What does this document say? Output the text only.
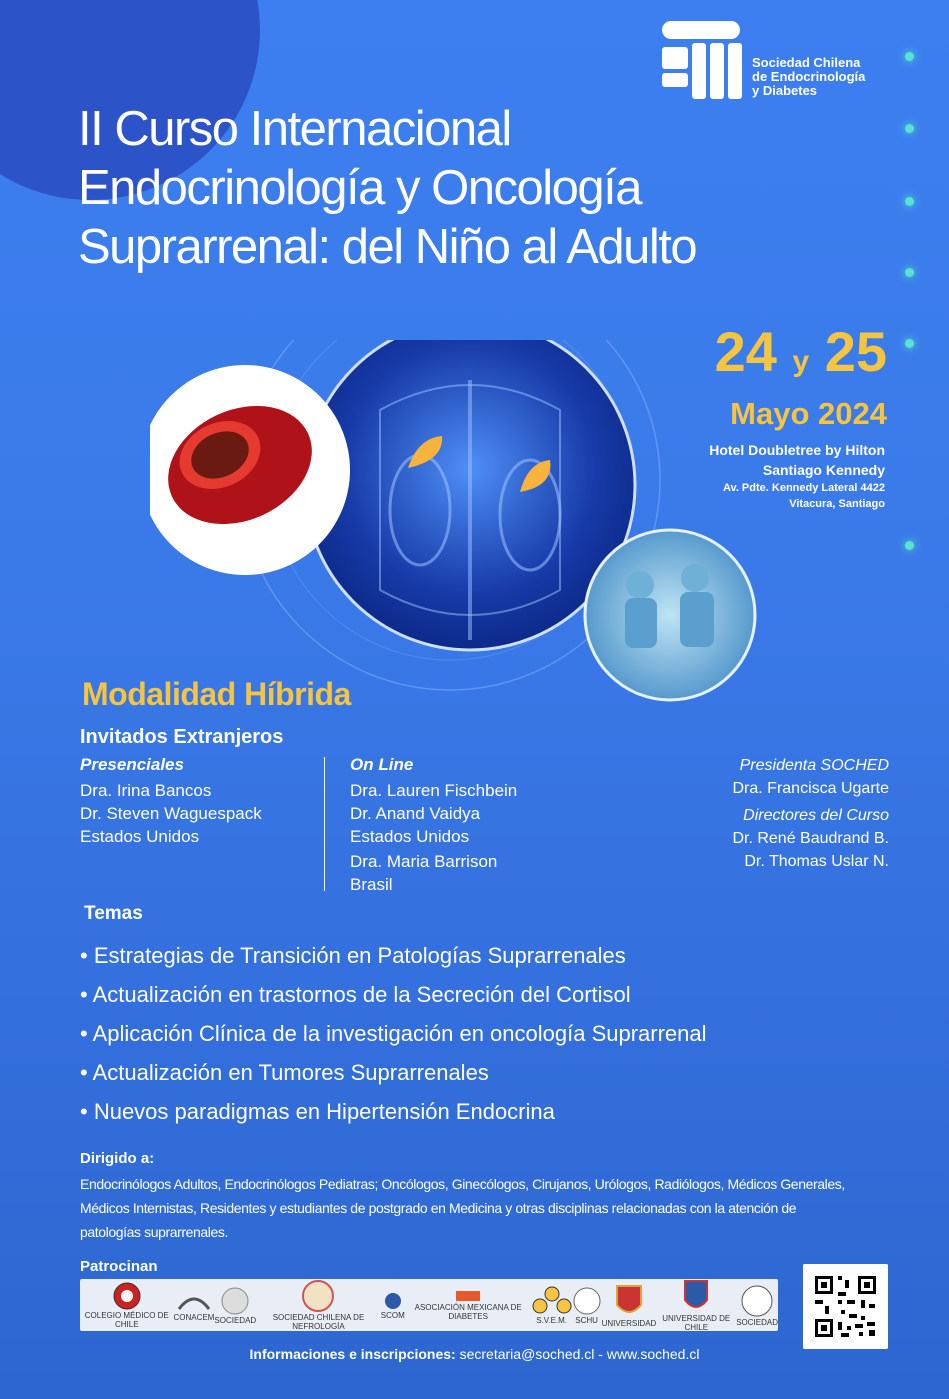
Sociedad Chilena
de Endocrinología
y Diabetes
II Curso Internacional
Endocrinología y Oncología
Suprarrenal: del Niño al Adulto
24 y 25
Mayo 2024
Hotel Doubletree by Hilton
Santiago Kennedy
Av. Pdte. Kennedy Lateral 4422
Vitacura, Santiago
Modalidad Híbrida
Invitados Extranjeros
Presenciales
Dra. Irina Bancos
Dr. Steven Waguespack
Estados Unidos
On Line
Dra. Lauren Fischbein
Dr. Anand Vaidya
Estados Unidos
Dra. Maria Barrison
Brasil
Presidenta SOCHED
Dra. Francisca Ugarte
Directores del Curso
Dr. René Baudrand B.
Dr. Thomas Uslar N.
Temas
• Estrategias de Transición en Patologías Suprarrenales
• Actualización en trastornos de la Secreción del Cortisol
• Aplicación Clínica de la investigación en oncología Suprarrenal
• Actualización en Tumores Suprarrenales
• Nuevos paradigmas en Hipertensión Endocrina
Dirigido a:
Endocrinólogos Adultos, Endocrinólogos Pediatras; Oncólogos, Ginecólogos, Cirujanos, Urólogos, Radiólogos, Médicos Generales, Médicos Internistas, Residentes y estudiantes de postgrado en Medicina y otras disciplinas relacionadas con la atención de patologías suprarrenales.
Patrocinan
COLEGIO MÉDICO DE CHILE
CONACEM SOCIEDAD	SOCIEDAD CHILENA DE NEFROLOGÍA
SCOM
ASOCIACIÓN MEXICANA DE DIABETES	S.V.E.M. SCHU UNIVERSIDAD UNIVERSIDAD DE CHILE
SOCIEDAD
Informaciones e inscripciones: secretaria@soched.cl - www.soched.cl
